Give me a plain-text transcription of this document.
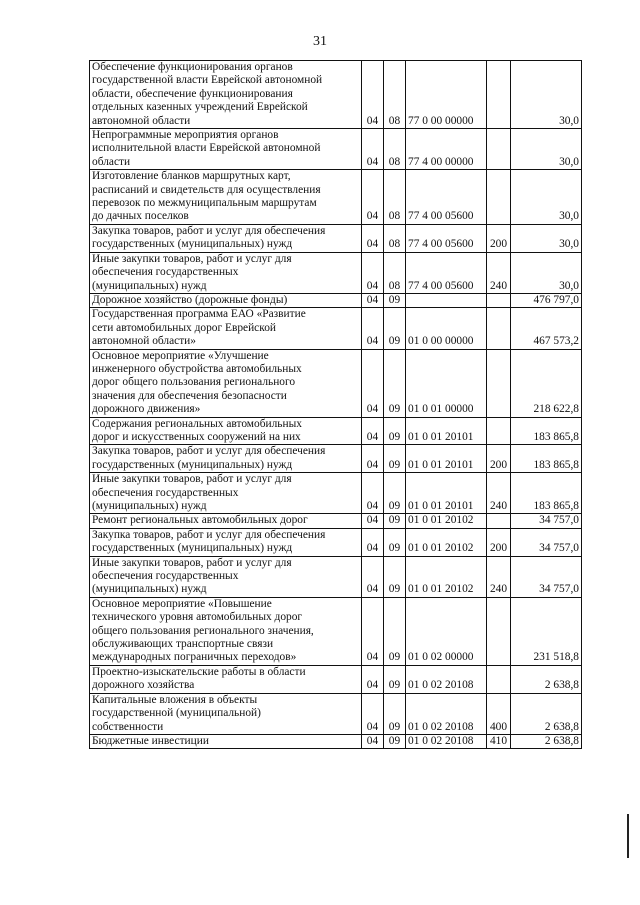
31
Обеспечение функционирования органов
государственной власти Еврейской автономной
области, обеспечение функционирования
отдельных казенных учреждений Еврейской
автономной области	04	08	77 0 00 00000		30,0
Непрограммные мероприятия органов
исполнительной власти Еврейской автономной
области	04	08	77 4 00 00000		30,0
Изготовление бланков маршрутных карт,
расписаний и свидетельств для осуществления
перевозок по межмуниципальным маршрутам
до дачных поселков	04	08	77 4 00 05600		30,0
Закупка товаров, работ и услуг для обеспечения
государственных (муниципальных) нужд	04	08	77 4 00 05600	200	30,0
Иные закупки товаров, работ и услуг для
обеспечения государственных
(муниципальных) нужд	04	08	77 4 00 05600	240	30,0
Дорожное хозяйство (дорожные фонды)	04	09			476 797,0
Государственная программа ЕАО «Развитие
сети автомобильных дорог Еврейской
автономной области»	04	09	01 0 00 00000		467 573,2
Основное мероприятие «Улучшение
инженерного обустройства автомобильных
дорог общего пользования регионального
значения для обеспечения безопасности
дорожного движения»	04	09	01 0 01 00000		218 622,8
Содержания региональных автомобильных
дорог и искусственных сооружений на них	04	09	01 0 01 20101		183 865,8
Закупка товаров, работ и услуг для обеспечения
государственных (муниципальных) нужд	04	09	01 0 01 20101	200	183 865,8
Иные закупки товаров, работ и услуг для
обеспечения государственных
(муниципальных) нужд	04	09	01 0 01 20101	240	183 865,8
Ремонт региональных автомобильных дорог	04	09	01 0 01 20102		34 757,0
Закупка товаров, работ и услуг для обеспечения
государственных (муниципальных) нужд	04	09	01 0 01 20102	200	34 757,0
Иные закупки товаров, работ и услуг для
обеспечения государственных
(муниципальных) нужд	04	09	01 0 01 20102	240	34 757,0
Основное мероприятие «Повышение
технического уровня автомобильных дорог
общего пользования регионального значения,
обслуживающих транспортные связи
международных пограничных переходов»	04	09	01 0 02 00000		231 518,8
Проектно-изыскательские работы в области
дорожного хозяйства	04	09	01 0 02 20108		2 638,8
Капитальные вложения в объекты
государственной (муниципальной)
собственности	04	09	01 0 02 20108	400	2 638,8
Бюджетные инвестиции	04	09	01 0 02 20108	410	2 638,8
